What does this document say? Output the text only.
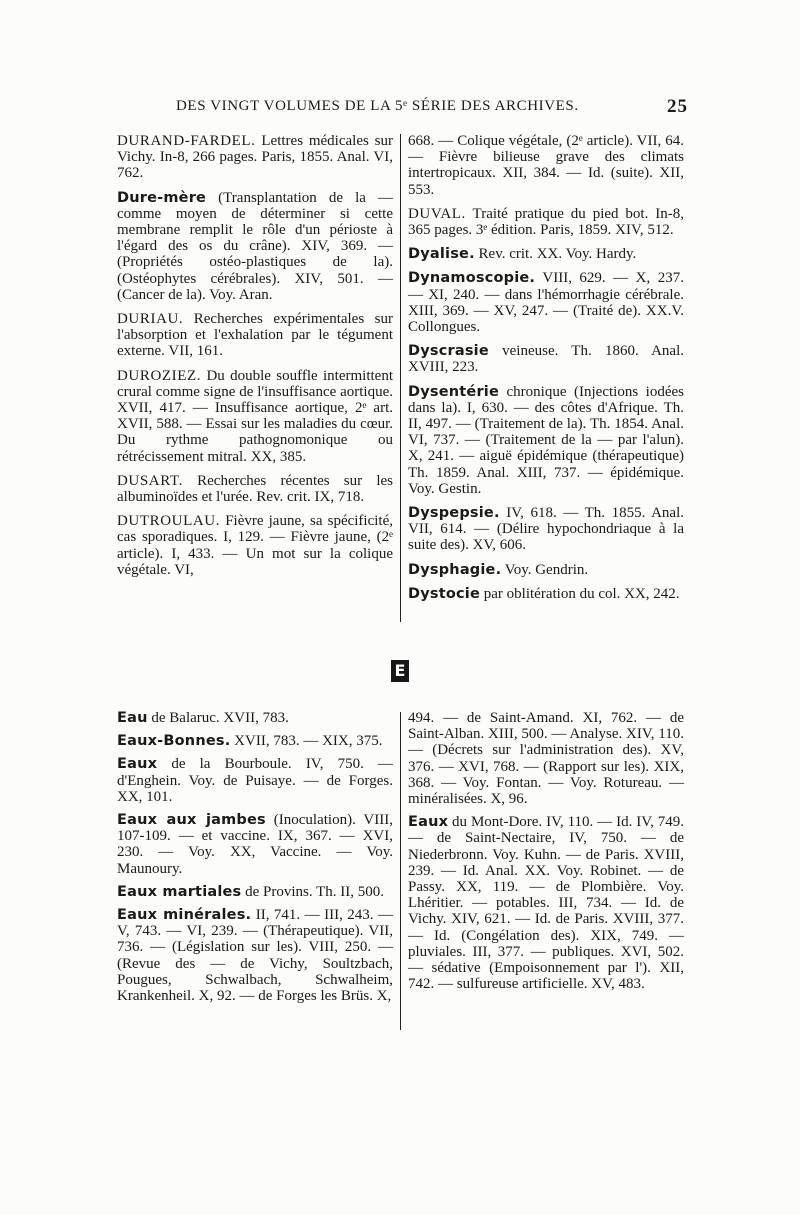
DES VINGT VOLUMES DE LA 5ᵉ SÉRIE DES ARCHIVES.	25
E

DURAND-FARDEL. Lettres médicales sur Vichy. In-8, 266 pages. Paris, 1855. Anal. VI, 762.

Dure-mère (Transplantation de la — comme moyen de déterminer si cette membrane remplit le rôle d'un périoste à l'égard des os du crâne). XIV, 369. — (Propriétés ostéo-plastiques de la). (Ostéophytes cérébrales). XIV, 501. — (Cancer de la). Voy. Aran.

DURIAU. Recherches expérimentales sur l'absorption et l'exhalation par le tégument externe. VII, 161.

DUROZIEZ. Du double souffle intermittent crural comme signe de l'insuffisance aortique. XVII, 417. — Insuffisance aortique, 2ᵉ art. XVII, 588. — Essai sur les maladies du cœur. Du rythme pathognomonique ou rétrécissement mitral. XX, 385.

DUSART. Recherches récentes sur les albuminoïdes et l'urée. Rev. crit. IX, 718.

DUTROULAU. Fièvre jaune, sa spécificité, cas sporadiques. I, 129. — Fièvre jaune, (2ᵉ article). I, 433. — Un mot sur la colique végétale. VI,

668. — Colique végétale, (2ᵉ article). VII, 64. — Fièvre bilieuse grave des climats intertropicaux. XII, 384. — Id. (suite). XII, 553.

DUVAL. Traité pratique du pied bot. In-8, 365 pages. 3ᵉ édition. Paris, 1859. XIV, 512.

Dyalise. Rev. crit. XX. Voy. Hardy.

Dynamoscopie. VIII, 629. — X, 237. — XI, 240. — dans l'hémorrhagie cérébrale. XIII, 369. — XV, 247. — (Traité de). XX.V. Collongues.

Dyscrasie veineuse. Th. 1860. Anal. XVIII, 223.

Dysentérie chronique (Injections iodées dans la). I, 630. — des côtes d'Afrique. Th. II, 497. — (Traitement de la). Th. 1854. Anal. VI, 737. — (Traitement de la — par l'alun). X, 241. — aiguë épidémique (thérapeutique) Th. 1859. Anal. XIII, 737. — épidémique. Voy. Gestin.

Dyspepsie. IV, 618. — Th. 1855. Anal. VII, 614. — (Délire hypochondriaque à la suite des). XV, 606.

Dysphagie. Voy. Gendrin.

Dystocie par oblitération du col. XX, 242.

Eau de Balaruc. XVII, 783.

Eaux-Bonnes. XVII, 783. — XIX, 375.

Eaux de la Bourboule. IV, 750. — d'Enghein. Voy. de Puisaye. — de Forges. XX, 101.

Eaux aux jambes (Inoculation). VIII, 107-109. — et vaccine. IX, 367. — XVI, 230. — Voy. XX, Vaccine. — Voy. Maunoury.

Eaux martiales de Provins. Th. II, 500.

Eaux minérales. II, 741. — III, 243. — V, 743. — VI, 239. — (Thérapeutique). VII, 736. — (Législation sur les). VIII, 250. — (Revue des — de Vichy, Soultzbach, Pougues, Schwalbach, Schwalheim, Krankenheil. X, 92. — de Forges les Brüs. X,

494. — de Saint-Amand. XI, 762. — de Saint-Alban. XIII, 500. — Analyse. XIV, 110. — (Décrets sur l'administration des). XV, 376. — XVI, 768. — (Rapport sur les). XIX, 368. — Voy. Fontan. — Voy. Rotureau. — minéralisées. X, 96.

Eaux du Mont-Dore. IV, 110. — Id. IV, 749. — de Saint-Nectaire, IV, 750. — de Niederbronn. Voy. Kuhn. — de Paris. XVIII, 239. — Id. Anal. XX. Voy. Robinet. — de Passy. XX, 119. — de Plombière. Voy. Lhéritier. — potables. III, 734. — Id. de Vichy. XIV, 621. — Id. de Paris. XVIII, 377. — Id. (Congélation des). XIX, 749. — pluviales. III, 377. — publiques. XVI, 502. — sédative (Empoisonnement par l'). XII, 742. — sulfureuse artificielle. XV, 483.
